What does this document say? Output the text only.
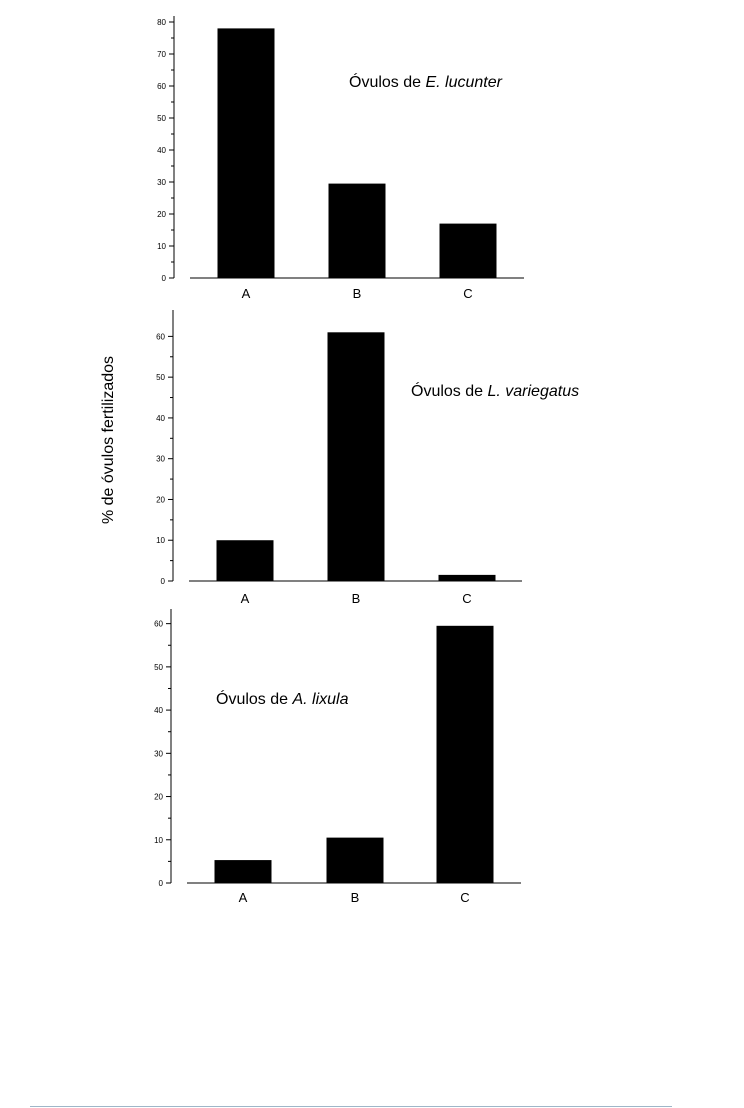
% de óvulos fertilizados
0
10
20
30
40
50
60
70
80
A	B	C
Óvulos de E. lucunter
0
10
20
30
40
50
60
A	B	C
Óvulos de L. variegatus
0
10
20
30
40
50
60
A	B	C
Óvulos de A. lixula
